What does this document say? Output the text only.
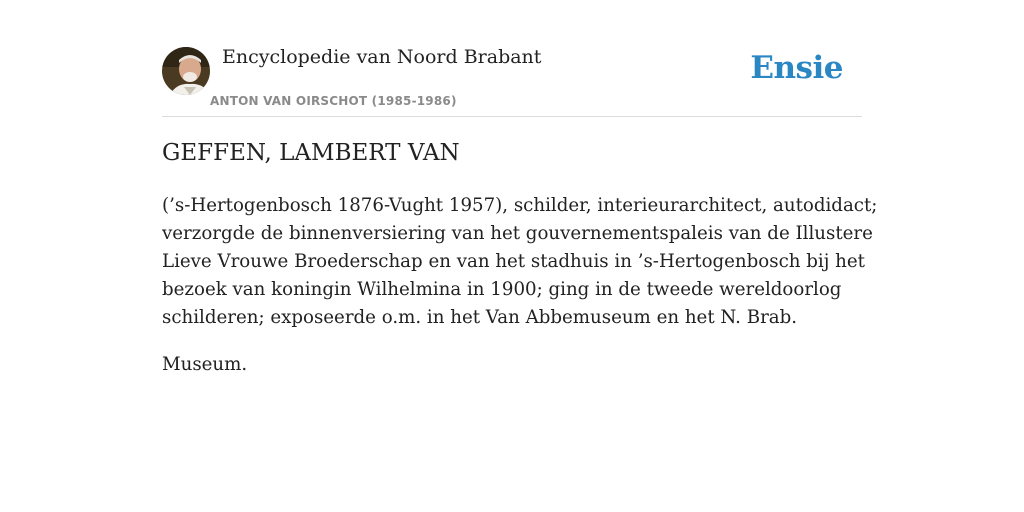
Encyclopedie van Noord Brabant
ANTON VAN OIRSCHOT (1985-1986)
Ensie
GEFFEN, LAMBERT VAN

(’s-Hertogenbosch 1876-Vught 1957), schilder, interieurarchitect, autodidact;
verzorgde de binnenversiering van het gouvernementspaleis van de Illustere
Lieve Vrouwe Broederschap en van het stadhuis in ’s-Hertogenbosch bij het
bezoek van koningin Wilhelmina in 1900; ging in de tweede wereldoorlog
schilderen; exposeerde o.m. in het Van Abbemuseum en het N. Brab.

Museum.
